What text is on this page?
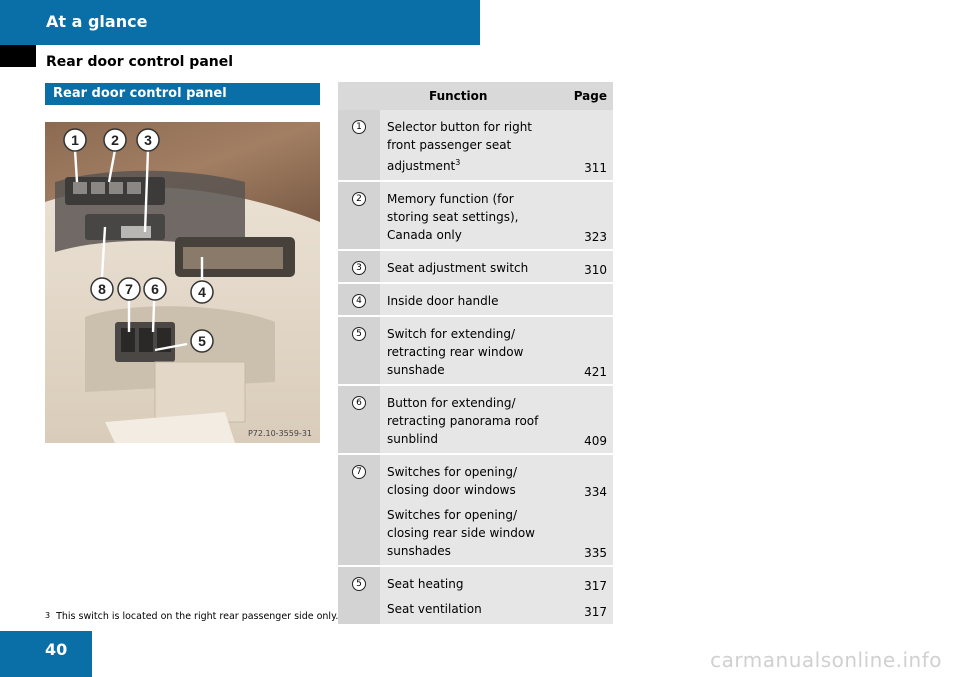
At a glance
Rear door control panel
Rear door control panel
1 2 3
4
5
6
7
8
P72.10-3559-31
	Function	Page
1	Selector button for right front passenger seat adjustment$^3$	311
2	Memory function (for storing seat settings), Canada only	323
3	Seat adjustment switch	310
4	Inside door handle	
5	Switch for extending/ retracting rear window sunshade	421
6	Button for extending/ retracting panorama roof sunblind	409
7	Switches for opening/ closing door windows	334
	Switches for opening/ closing rear side window sunshades	335
5	Seat heating	317
	Seat ventilation	317
$^3$ This switch is located on the right rear passenger side only.
40	carmanualsonline.info
